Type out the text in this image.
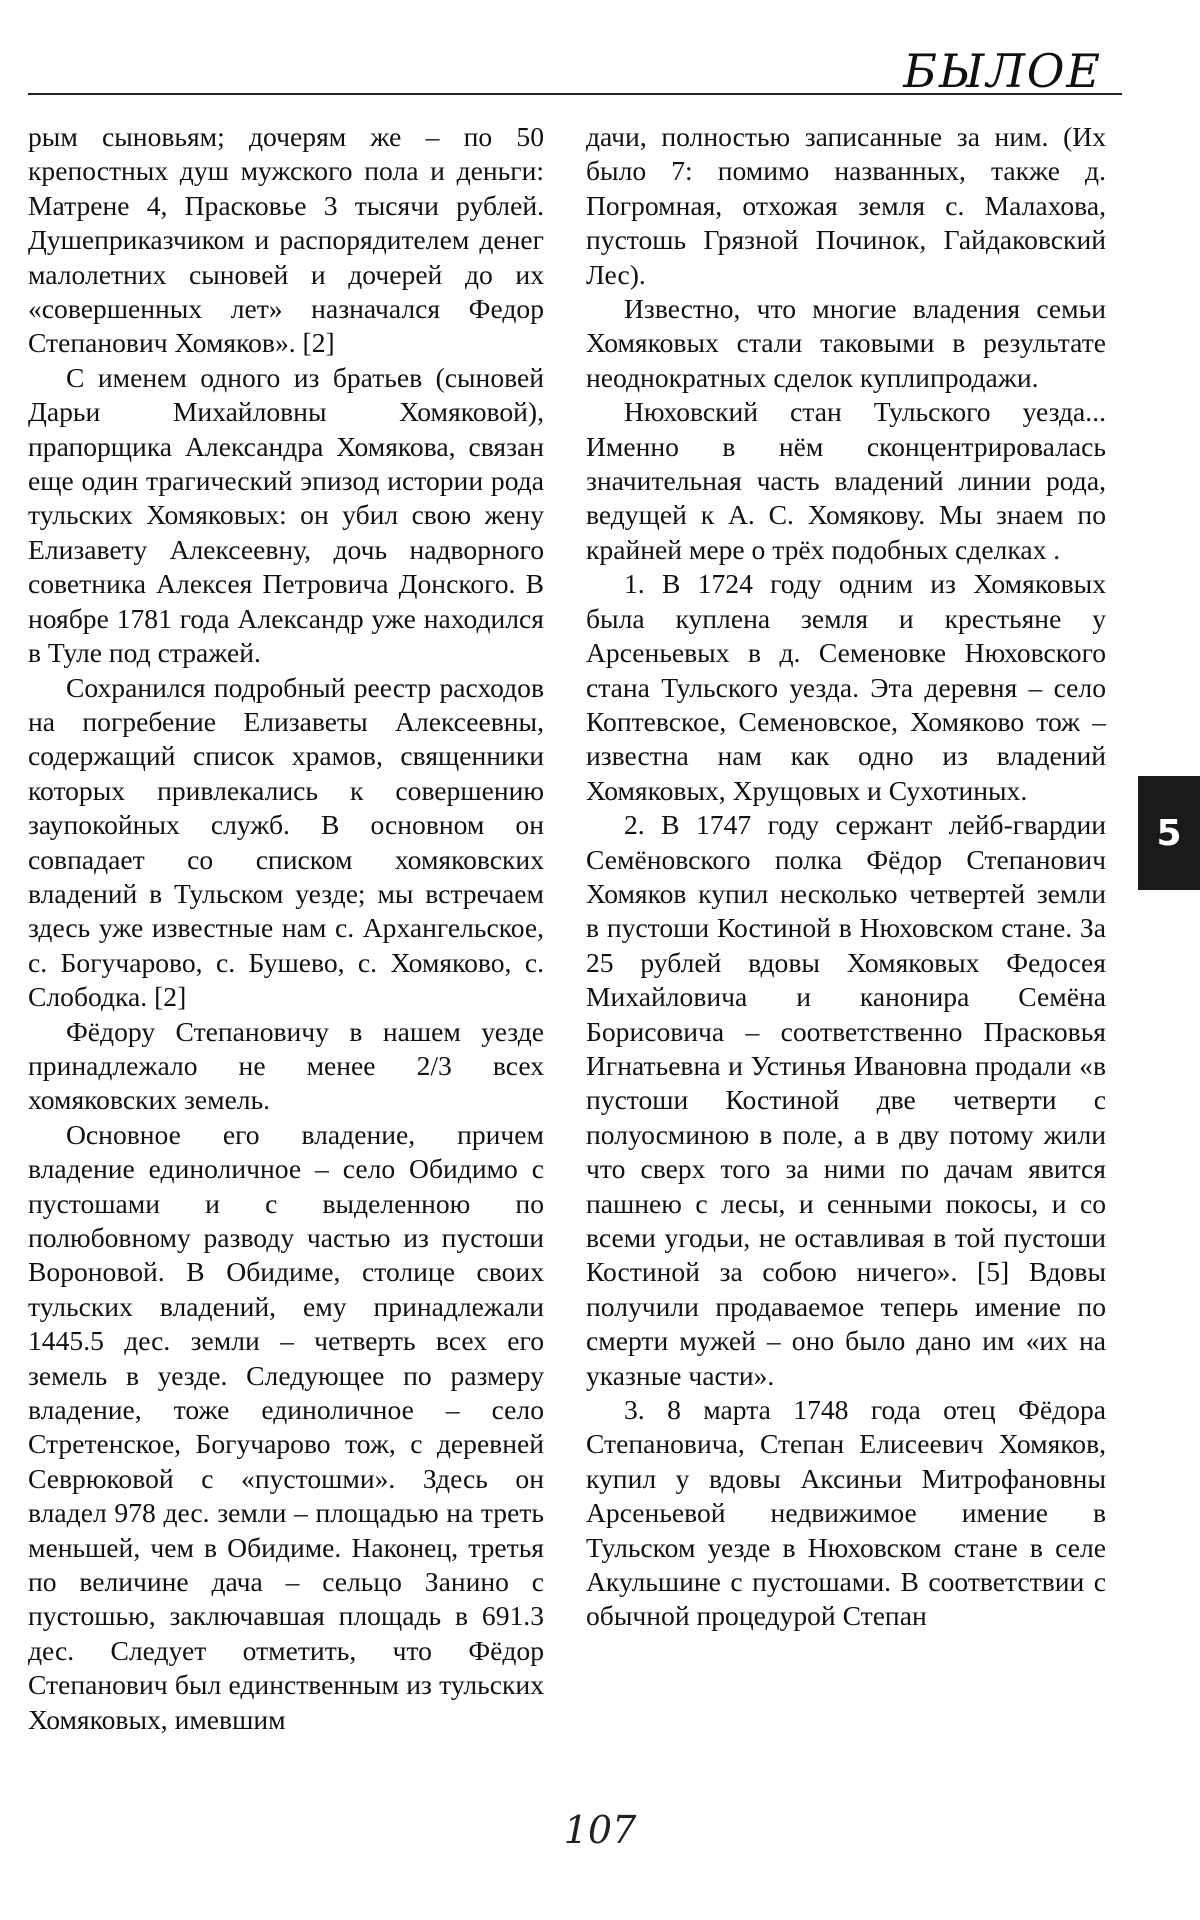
БЫЛОЕ

рым сыновьям; дочерям же – по 50 крепостных душ мужского пола и деньги: Матрене 4, Прасковье 3 тысячи рублей. Душеприказчиком и распорядителем денег малолетних сыновей и дочерей до их «совершенных лет» назначался Федор Степанович Хомяков». [2]

С именем одного из братьев (сыновей Дарьи Михайловны Хомяковой), прапорщика Александра Хомякова, связан еще один трагический эпизод истории рода тульских Хомяковых: он убил свою жену Елизавету Алексеевну, дочь надворного советника Алексея Петровича Донского. В ноябре 1781 года Александр уже находился в Туле под стражей.

Сохранился подробный реестр расходов на погребение Елизаветы Алексеевны, содержащий список храмов, священники которых привлекались к совершению заупокойных служб. В основном он совпадает со списком хомяковских владений в Тульском уезде; мы встречаем здесь уже известные нам с. Архангельское, с. Богучарово, с. Бушево, с. Хомяково, с. Слободка. [2]

Фёдору Степановичу в нашем уезде принадлежало не менее 2/3 всех хомяковских земель.

Основное его владение, причем владение единоличное – село Обидимо с пустошами и с выделенною по полюбовному разводу частью из пустоши Вороновой. В Обидиме, столице своих тульских владений, ему принадлежали 1445.5 дес. земли – четверть всех его земель в уезде. Следующее по размеру владение, тоже единоличное – село Стретенское, Богучарово тож, с деревней Севрюковой с «пустошми». Здесь он владел 978 дес. земли – площадью на треть меньшей, чем в Обидиме. Наконец, третья по величине дача – сельцо Занино с пустошью, заключавшая площадь в 691.3 дес. Следует отметить, что Фёдор Степанович был единственным из тульских Хомяковых, имевшим

дачи, полностью записанные за ним. (Их было 7: помимо названных, также д. Погромная, отхожая земля с. Малахова, пустошь Грязной Починок, Гайдаковский Лес).

Известно, что многие владения семьи Хомяковых стали таковыми в результате неоднократных сделок куплипродажи.

Нюховский стан Тульского уезда... Именно в нём сконцентрировалась значительная часть владений линии рода, ведущей к А. С. Хомякову. Мы знаем по крайней мере о трёх подобных сделках .

1. В 1724 году одним из Хомяковых была куплена земля и крестьяне у Арсеньевых в д. Семеновке Нюховского стана Тульского уезда. Эта деревня – село Коптевское, Семеновское, Хомяково тож – известна нам как одно из владений Хомяковых, Хрущовых и Сухотиных.

2. В 1747 году сержант лейб-гвардии Семёновского полка Фёдор Степанович Хомяков купил несколько четвертей земли в пустоши Костиной в Нюховском стане. За 25 рублей вдовы Хомяковых Федосея Михайловича и канонира Семёна Борисовича – соответственно Прасковья Игнатьевна и Устинья Ивановна продали «в пустоши Костиной две четверти с полуосминою в поле, а в дву потому жили что сверх того за ними по дачам явится пашнею с лесы, и сенными покосы, и со всеми угодьи, не оставливая в той пустоши Костиной за собою ничего». [5] Вдовы получили продаваемое теперь имение по смерти мужей – оно было дано им «их на указные части».

3. 8 марта 1748 года отец Фёдора Степановича, Степан Елисеевич Хомяков, купил у вдовы Аксиньи Митрофановны Арсеньевой недвижимое имение в Тульском уезде в Нюховском стане в селе Акульшине с пустошами. В соответствии с обычной процедурой Степан

5
107
